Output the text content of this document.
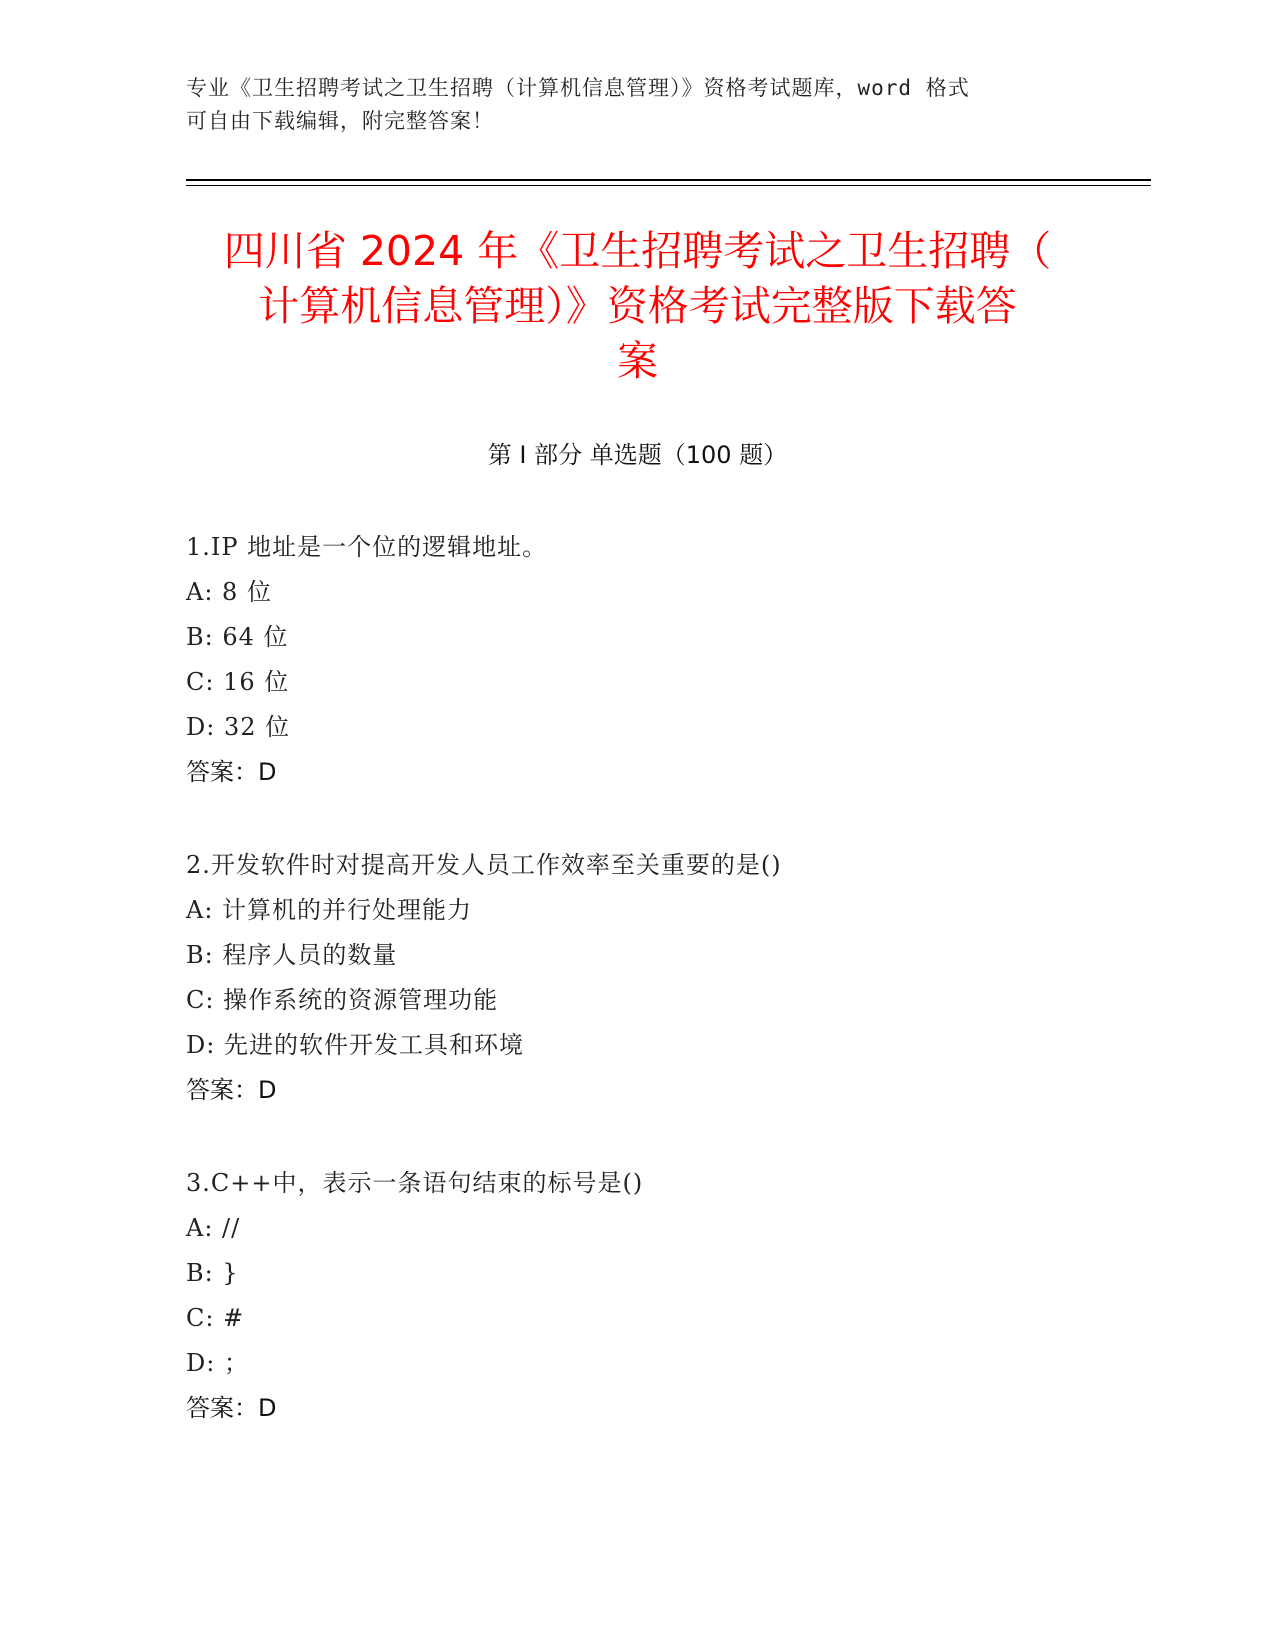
专业《卫生招聘考试之卫生招聘（计算机信息管理）》资格考试题库，word 格式
可自由下载编辑，附完整答案！
四川省 2024 年《卫生招聘考试之卫生招聘（
计算机信息管理）》资格考试完整版下载答
案
第 I 部分 单选题（100 题）
1.IP 地址是一个位的逻辑地址。
A: 8 位
B: 64 位
C: 16 位
D: 32 位
答案：D
2.开发软件时对提高开发人员工作效率至关重要的是()
A: 计算机的并行处理能力
B: 程序人员的数量
C: 操作系统的资源管理功能
D: 先进的软件开发工具和环境
答案：D
3.C++中，表示一条语句结束的标号是()
A: //
B: }
C: #
D: ；
答案：D
